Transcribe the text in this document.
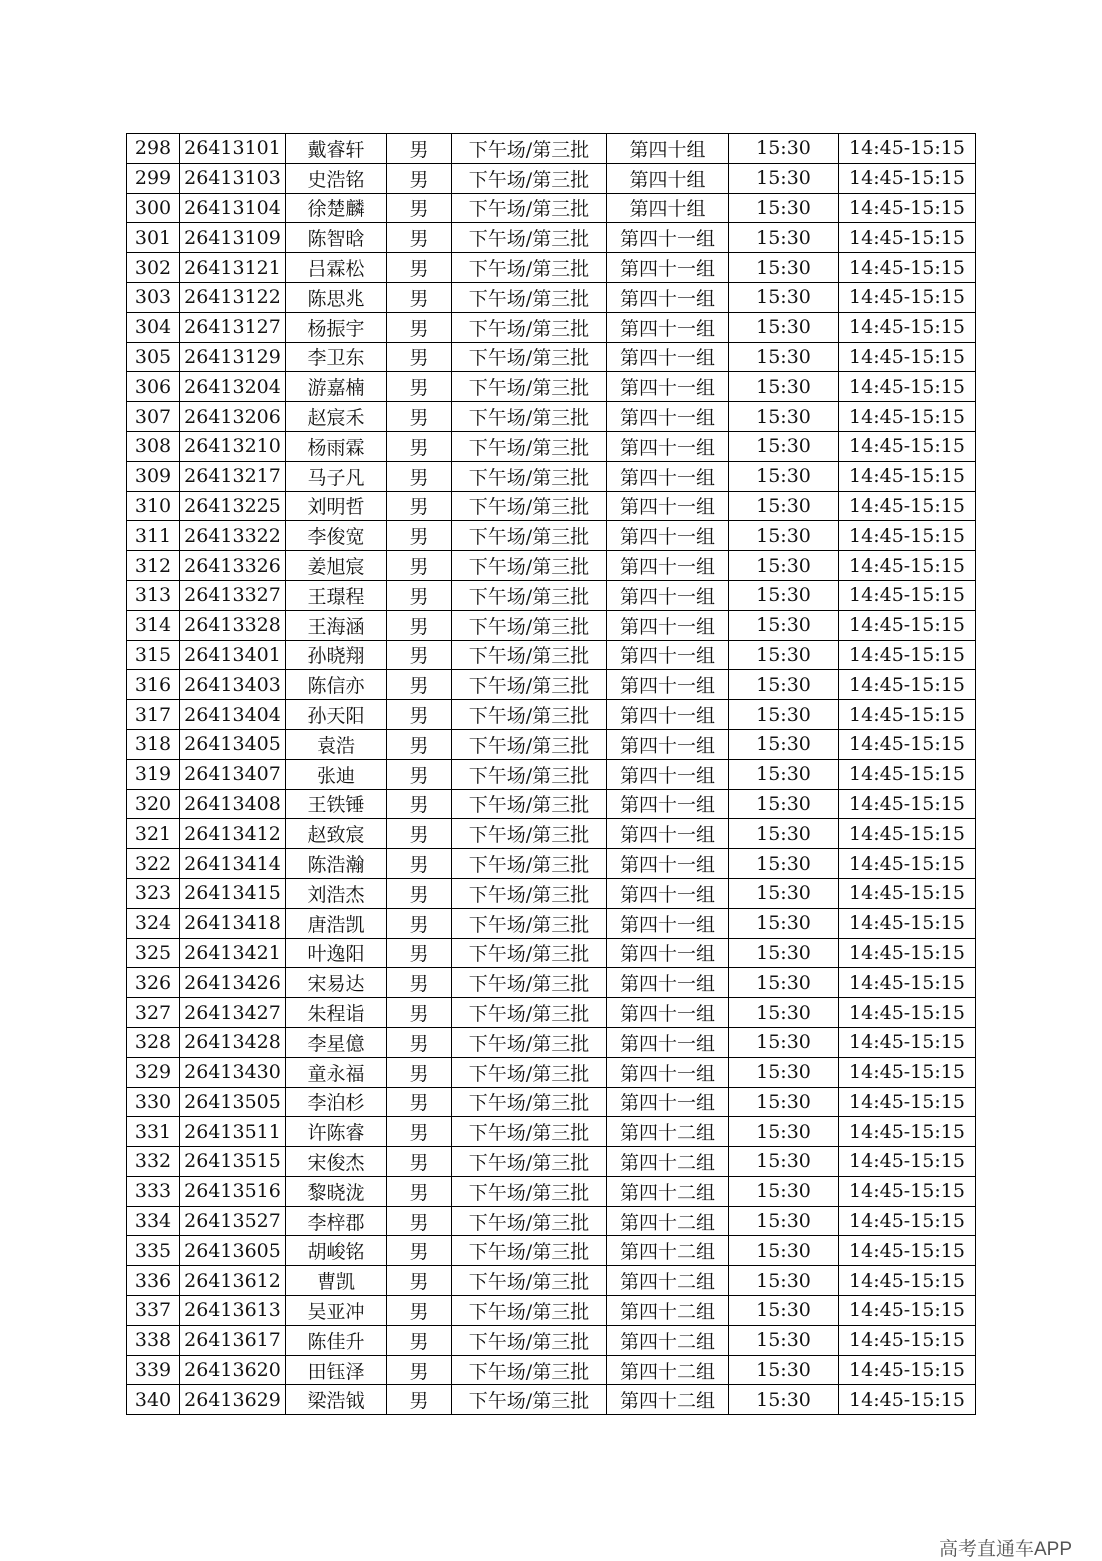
298	26413101	戴睿轩	男	下午场/第三批	第四十组	15:30	14:45-15:15
299	26413103	史浩铭	男	下午场/第三批	第四十组	15:30	14:45-15:15
300	26413104	徐楚麟	男	下午场/第三批	第四十组	15:30	14:45-15:15
301	26413109	陈智晗	男	下午场/第三批	第四十一组	15:30	14:45-15:15
302	26413121	吕霖松	男	下午场/第三批	第四十一组	15:30	14:45-15:15
303	26413122	陈思兆	男	下午场/第三批	第四十一组	15:30	14:45-15:15
304	26413127	杨振宇	男	下午场/第三批	第四十一组	15:30	14:45-15:15
305	26413129	李卫东	男	下午场/第三批	第四十一组	15:30	14:45-15:15
306	26413204	游嘉楠	男	下午场/第三批	第四十一组	15:30	14:45-15:15
307	26413206	赵宸禾	男	下午场/第三批	第四十一组	15:30	14:45-15:15
308	26413210	杨雨霖	男	下午场/第三批	第四十一组	15:30	14:45-15:15
309	26413217	马子凡	男	下午场/第三批	第四十一组	15:30	14:45-15:15
310	26413225	刘明哲	男	下午场/第三批	第四十一组	15:30	14:45-15:15
311	26413322	李俊宽	男	下午场/第三批	第四十一组	15:30	14:45-15:15
312	26413326	姜旭宸	男	下午场/第三批	第四十一组	15:30	14:45-15:15
313	26413327	王璟程	男	下午场/第三批	第四十一组	15:30	14:45-15:15
314	26413328	王海涵	男	下午场/第三批	第四十一组	15:30	14:45-15:15
315	26413401	孙晓翔	男	下午场/第三批	第四十一组	15:30	14:45-15:15
316	26413403	陈信亦	男	下午场/第三批	第四十一组	15:30	14:45-15:15
317	26413404	孙天阳	男	下午场/第三批	第四十一组	15:30	14:45-15:15
318	26413405	袁浩	男	下午场/第三批	第四十一组	15:30	14:45-15:15
319	26413407	张迪	男	下午场/第三批	第四十一组	15:30	14:45-15:15
320	26413408	王铁锤	男	下午场/第三批	第四十一组	15:30	14:45-15:15
321	26413412	赵致宸	男	下午场/第三批	第四十一组	15:30	14:45-15:15
322	26413414	陈浩瀚	男	下午场/第三批	第四十一组	15:30	14:45-15:15
323	26413415	刘浩杰	男	下午场/第三批	第四十一组	15:30	14:45-15:15
324	26413418	唐浩凯	男	下午场/第三批	第四十一组	15:30	14:45-15:15
325	26413421	叶逸阳	男	下午场/第三批	第四十一组	15:30	14:45-15:15
326	26413426	宋易达	男	下午场/第三批	第四十一组	15:30	14:45-15:15
327	26413427	朱程诣	男	下午场/第三批	第四十一组	15:30	14:45-15:15
328	26413428	李星億	男	下午场/第三批	第四十一组	15:30	14:45-15:15
329	26413430	童永福	男	下午场/第三批	第四十一组	15:30	14:45-15:15
330	26413505	李泊杉	男	下午场/第三批	第四十一组	15:30	14:45-15:15
331	26413511	许陈睿	男	下午场/第三批	第四十二组	15:30	14:45-15:15
332	26413515	宋俊杰	男	下午场/第三批	第四十二组	15:30	14:45-15:15
333	26413516	黎晓泷	男	下午场/第三批	第四十二组	15:30	14:45-15:15
334	26413527	李梓郡	男	下午场/第三批	第四十二组	15:30	14:45-15:15
335	26413605	胡峻铭	男	下午场/第三批	第四十二组	15:30	14:45-15:15
336	26413612	曹凯	男	下午场/第三批	第四十二组	15:30	14:45-15:15
337	26413613	吴亚冲	男	下午场/第三批	第四十二组	15:30	14:45-15:15
338	26413617	陈佳升	男	下午场/第三批	第四十二组	15:30	14:45-15:15
339	26413620	田钰泽	男	下午场/第三批	第四十二组	15:30	14:45-15:15
340	26413629	梁浩钺	男	下午场/第三批	第四十二组	15:30	14:45-15:15
高考直通车APP
